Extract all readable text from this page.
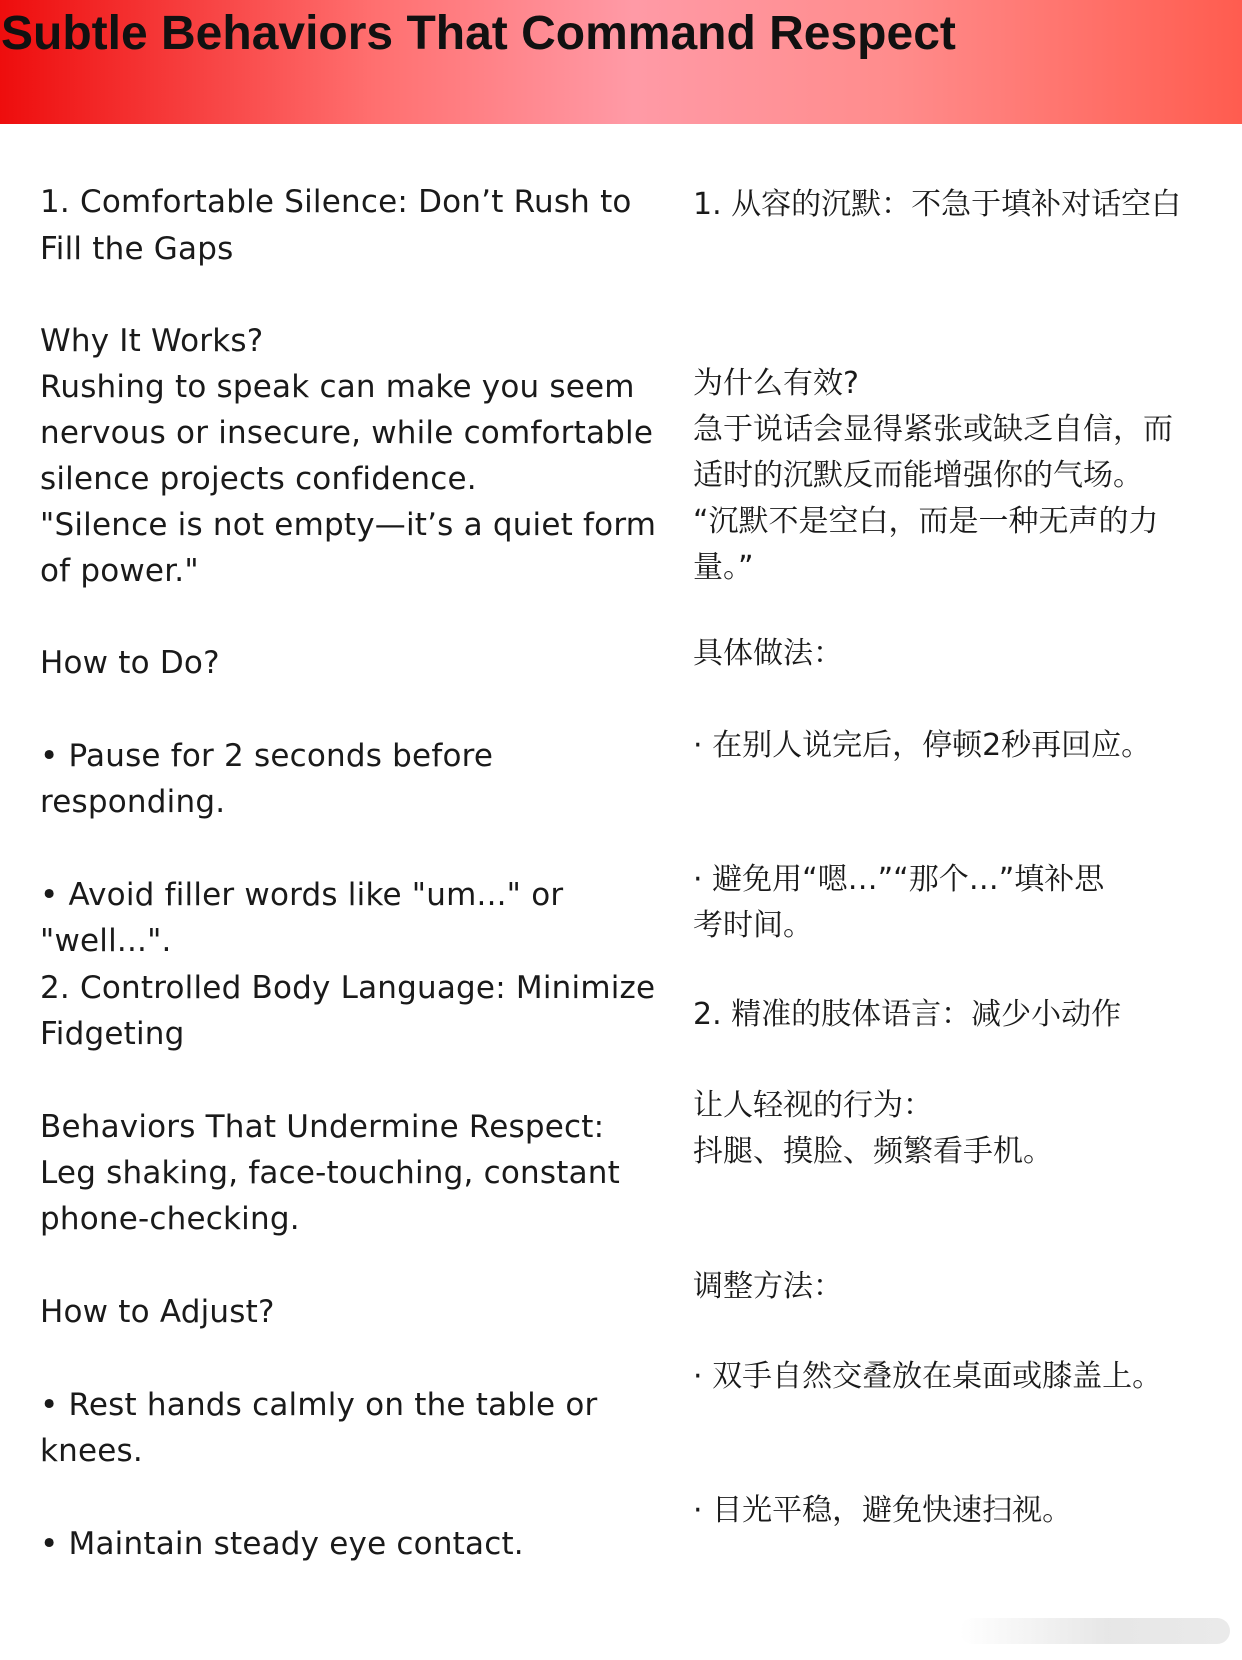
Subtle Behaviors That Command Respect

1. Comfortable Silence: Don’t Rush to

Fill the Gaps

Why It Works?

Rushing to speak can make you seem

nervous or insecure, while comfortable

silence projects confidence.

"Silence is not empty—it’s a quiet form

of power."

How to Do?

• Pause for 2 seconds before

responding.

• Avoid filler words like "um..." or

"well...".

2. Controlled Body Language: Minimize

Fidgeting

Behaviors That Undermine Respect:

Leg shaking, face-touching, constant

phone-checking.

How to Adjust?

• Rest hands calmly on the table or

knees.

• Maintain steady eye contact.

1. 从容的沉默：不急于填补对话空白

为什么有效?

急于说话会显得紧张或缺乏自信，而

适时的沉默反而能增强你的气场。

“沉默不是空白，而是一种无声的力

量。”

具体做法：

· 在别人说完后，停顿2秒再回应。

· 避免用“嗯…”“那个…”填补思

考时间。

2. 精准的肢体语言：减少小动作

让人轻视的行为：

抖腿、摸脸、频繁看手机。

调整方法：

· 双手自然交叠放在桌面或膝盖上。

· 目光平稳，避免快速扫视。
